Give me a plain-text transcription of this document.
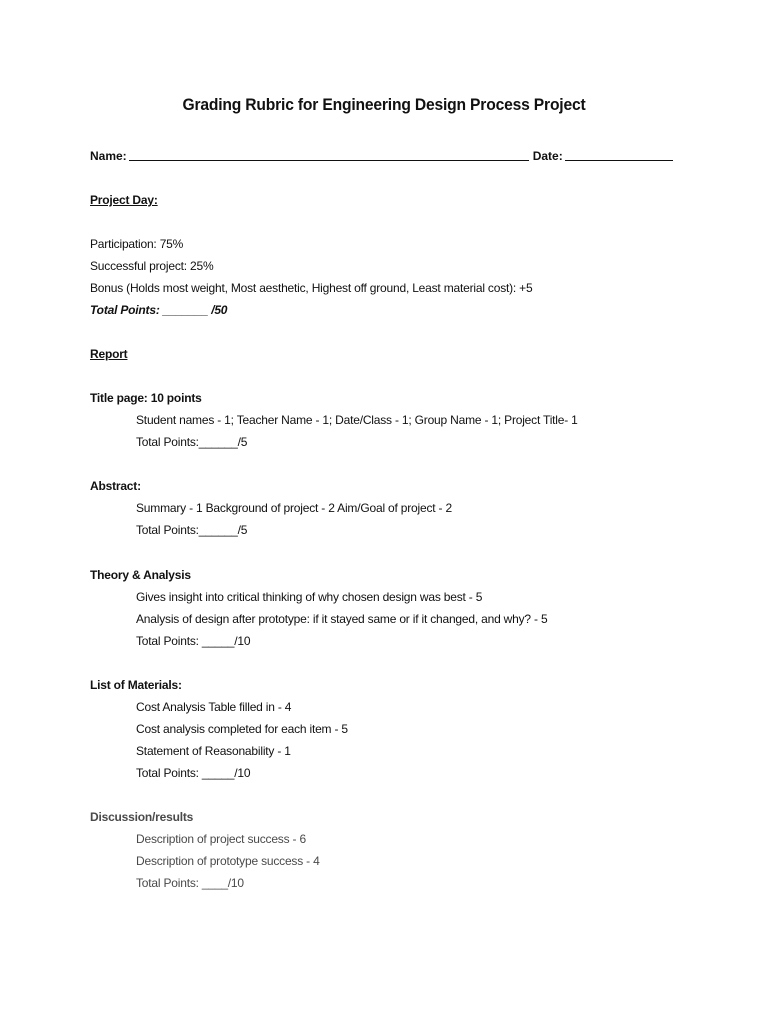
Grading Rubric for Engineering Design Process Project
Name:	Date:
Project Day:
Participation: 75%
Successful project: 25%
Bonus (Holds most weight, Most aesthetic, Highest off ground, Least material cost): +5
Total Points: _______ /50
Report
Title page: 10 points
Student names - 1; Teacher Name - 1; Date/Class - 1; Group Name - 1; Project Title- 1
Total Points:______/5
Abstract:
Summary - 1 Background of project - 2 Aim/Goal of project - 2
Total Points:______/5
Theory & Analysis
Gives insight into critical thinking of why chosen design was best - 5
Analysis of design after prototype: if it stayed same or if it changed, and why? - 5
Total Points: _____/10
List of Materials:
Cost Analysis Table filled in - 4
Cost analysis completed for each item - 5
Statement of Reasonability - 1
Total Points: _____/10
Discussion/results
Description of project success - 6
Description of prototype success - 4
Total Points: ____/10
